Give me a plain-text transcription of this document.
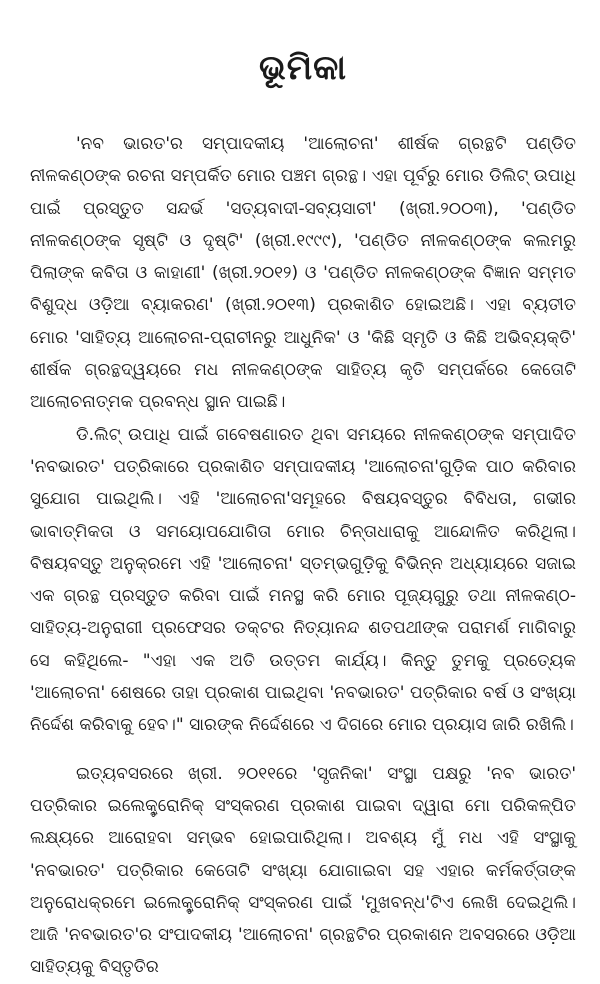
ଭୂମିକା

'ନବ ଭାରତ'ର ସମ୍ପାଦକୀୟ 'ଆଲୋଚନା' ଶୀର୍ଷକ ଗ୍ରନ୍ଥଟି ପଣ୍ଡିତ ନୀଳକଣ୍ଠଙ୍କ ରଚନା ସମ୍ପର୍କିତ ମୋର ପଞ୍ଚମ ଗ୍ରନ୍ଥ। ଏହା ପୂର୍ବରୁ ମୋର ଡିଲିଟ୍ ଉପାଧି ପାଇଁ ପ୍ରସ୍ତୁତ ସନ୍ଦର୍ଭ 'ସତ୍ୟବାଦୀ-ସବ୍ୟସାଚୀ' (ଖ୍ରୀ.୨୦୦୩), 'ପଣ୍ଡିତ ନୀଳକଣ୍ଠଙ୍କ ସୃଷ୍ଟି ଓ ଦୃଷ୍ଟି' (ଖ୍ରୀ.୧୯୯୯), 'ପଣ୍ଡିତ ନୀଳକଣ୍ଠଙ୍କ କଲମରୁ ପିଲାଙ୍କ କବିତା ଓ କାହାଣୀ' (ଖ୍ରୀ.୨୦୧୨) ଓ 'ପଣ୍ଡିତ ନୀଳକଣ୍ଠଙ୍କ ବିଜ୍ଞାନ ସମ୍ମତ ବିଶୁଦ୍ଧ ଓଡ଼ିଆ ବ୍ୟାକରଣ' (ଖ୍ରୀ.୨୦୧୩) ପ୍ରକାଶିତ ହୋଇଅଛି। ଏହା ବ୍ୟତୀତ ମୋର 'ସାହିତ୍ୟ ଆଲୋଚନା-ପ୍ରାଚୀନରୁ ଆଧୁନିକ' ଓ 'କିଛି ସ୍ମୃତି ଓ କିଛି ଅଭିବ୍ୟକ୍ତି' ଶୀର୍ଷକ ଗ୍ରନ୍ଥଦ୍ୱୟରେ ମଧ ନୀଳକଣ୍ଠଙ୍କ ସାହିତ୍ୟ କୃତି ସମ୍ପର୍କରେ କେତୋଟି ଆଲୋଚନାତ୍ମକ ପ୍ରବନ୍ଧ ସ୍ଥାନ ପାଇଛି।

ଡି.ଲିଟ୍ ଉପାଧି ପାଇଁ ଗବେଷଣାରତ ଥିବା ସମୟରେ ନୀଳକଣ୍ଠଙ୍କ ସମ୍ପାଦିତ 'ନବଭାରତ' ପତ୍ରିକାରେ ପ୍ରକାଶିତ ସମ୍ପାଦକୀୟ 'ଆଲୋଚନା'ଗୁଡ଼ିକ ପାଠ କରିବାର ସୁଯୋଗ ପାଇଥିଲି। ଏହି 'ଆଲୋଚନା'ସମୂହରେ ବିଷୟବସ୍ତୁର ବିବିଧତା, ଗଭୀର ଭାବାତ୍ମିକତା ଓ ସମୟୋପଯୋଗିତା ମୋର ଚିନ୍ତାଧାରାକୁ ଆନ୍ଦୋଳିତ କରିଥିଲା। ବିଷୟବସ୍ତୁ ଅନୁକ୍ରମେ ଏହି 'ଆଲୋଚନା' ସ୍ତମ୍ଭଗୁଡ଼ିକୁ ବିଭିନ୍ନ ଅଧ୍ୟାୟରେ ସଜାଇ ଏକ ଗ୍ରନ୍ଥ ପ୍ରସ୍ତୁତ କରିବା ପାଇଁ ମନସ୍ଥ କରି ମୋର ପୂଜ୍ୟଗୁରୁ ତଥା ନୀଳକଣ୍ଠ-ସାହିତ୍ୟ-ଅନୁରାଗୀ ପ୍ରଫେସର ଡକ୍ଟର ନିତ୍ୟାନନ୍ଦ ଶତପଥୀଙ୍କ ପରାମର୍ଶ ମାଗିବାରୁ ସେ କହିଥିଲେ- "ଏହା ଏକ ଅତି ଉତ୍ତମ କାର୍ଯ୍ୟ। କିନ୍ତୁ ତୁମକୁ ପ୍ରତ୍ୟେକ 'ଆଲୋଚନା' ଶେଷରେ ତାହା ପ୍ରକାଶ ପାଇଥିବା 'ନବଭାରତ' ପତ୍ରିକାର ବର୍ଷ ଓ ସଂଖ୍ୟା ନିର୍ଦ୍ଦେଶ କରିବାକୁ ହେବ।" ସାରଙ୍କ ନିର୍ଦ୍ଦେଶରେ ଏ ଦିଗରେ ମୋର ପ୍ରୟାସ ଜାରି ରଖିଲି।

ଇତ୍ୟବସରରେ ଖ୍ରୀ. ୨୦୧୧ରେ 'ସୃଜନିକା' ସଂସ୍ଥା ପକ୍ଷରୁ 'ନବ ଭାରତ' ପତ୍ରିକାର ଇଲେକ୍ଟ୍ରୋନିକ୍ ସଂସ୍କରଣ ପ୍ରକାଶ ପାଇବା ଦ୍ୱାରା ମୋ ପରିକଳ୍ପିତ ଲକ୍ଷ୍ୟରେ ଆରୋହବା ସମ୍ଭବ ହୋଇପାରିଥିଲା। ଅବଶ୍ୟ ମୁଁ ମଧ ଏହି ସଂସ୍ଥାକୁ 'ନବଭାରତ' ପତ୍ରିକାର କେତୋଟି ସଂଖ୍ୟା ଯୋଗାଇବା ସହ ଏହାର କର୍ମକର୍ତ୍ତାଙ୍କ ଅନୁରୋଧକ୍ରମେ ଇଲେକ୍ଟ୍ରୋନିକ୍ ସଂସ୍କରଣ ପାଇଁ 'ମୁଖବନ୍ଧ'ଟିଏ ଲେଖି ଦେଇଥିଲି। ଆଜି 'ନବଭାରତ'ର ସଂପାଦକୀୟ 'ଆଲୋଚନା' ଗ୍ରନ୍ଥଟିର ପ୍ରକାଶନ ଅବସରରେ ଓଡ଼ିଆ ସାହିତ୍ୟକୁ ବିସ୍ତୃତିର
